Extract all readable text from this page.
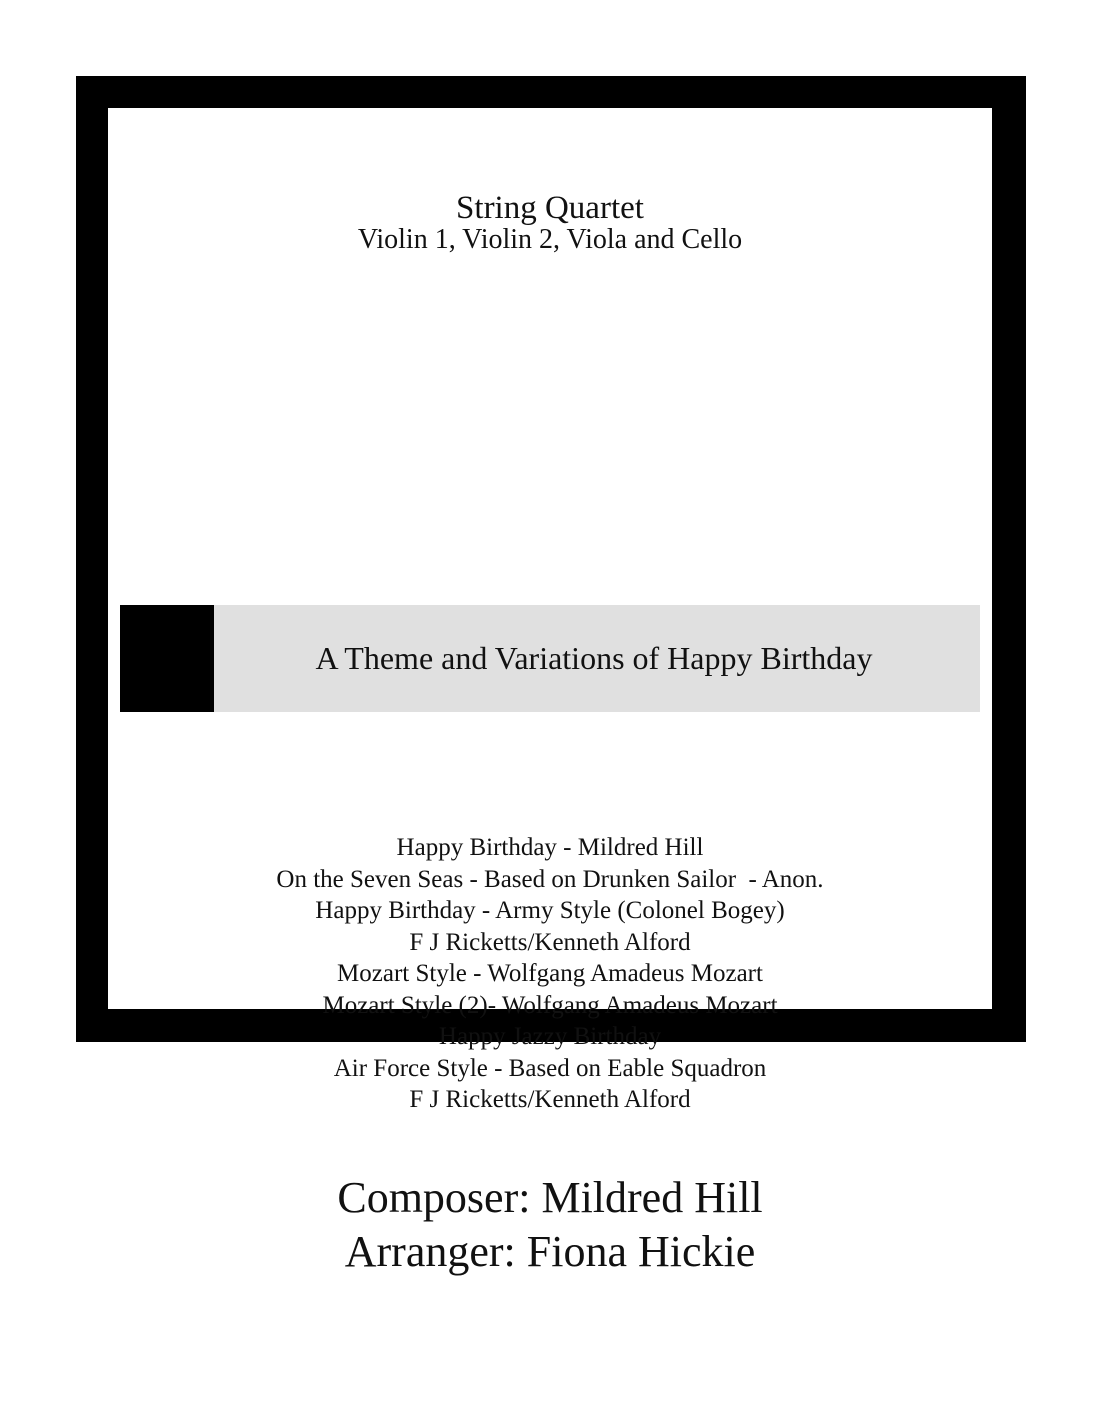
String Quartet
Violin 1, Violin 2, Viola and Cello
A Theme and Variations of Happy Birthday
Happy Birthday - Mildred Hill
On the Seven Seas - Based on Drunken Sailor  - Anon.
Happy Birthday - Army Style (Colonel Bogey)
F J Ricketts/Kenneth Alford
Mozart Style - Wolfgang Amadeus Mozart
Mozart Style (2)- Wolfgang Amadeus Mozart
Happy Jazzy Birthday
Air Force Style - Based on Eable Squadron
F J Ricketts/Kenneth Alford
Composer: Mildred Hill
Arranger: Fiona Hickie
